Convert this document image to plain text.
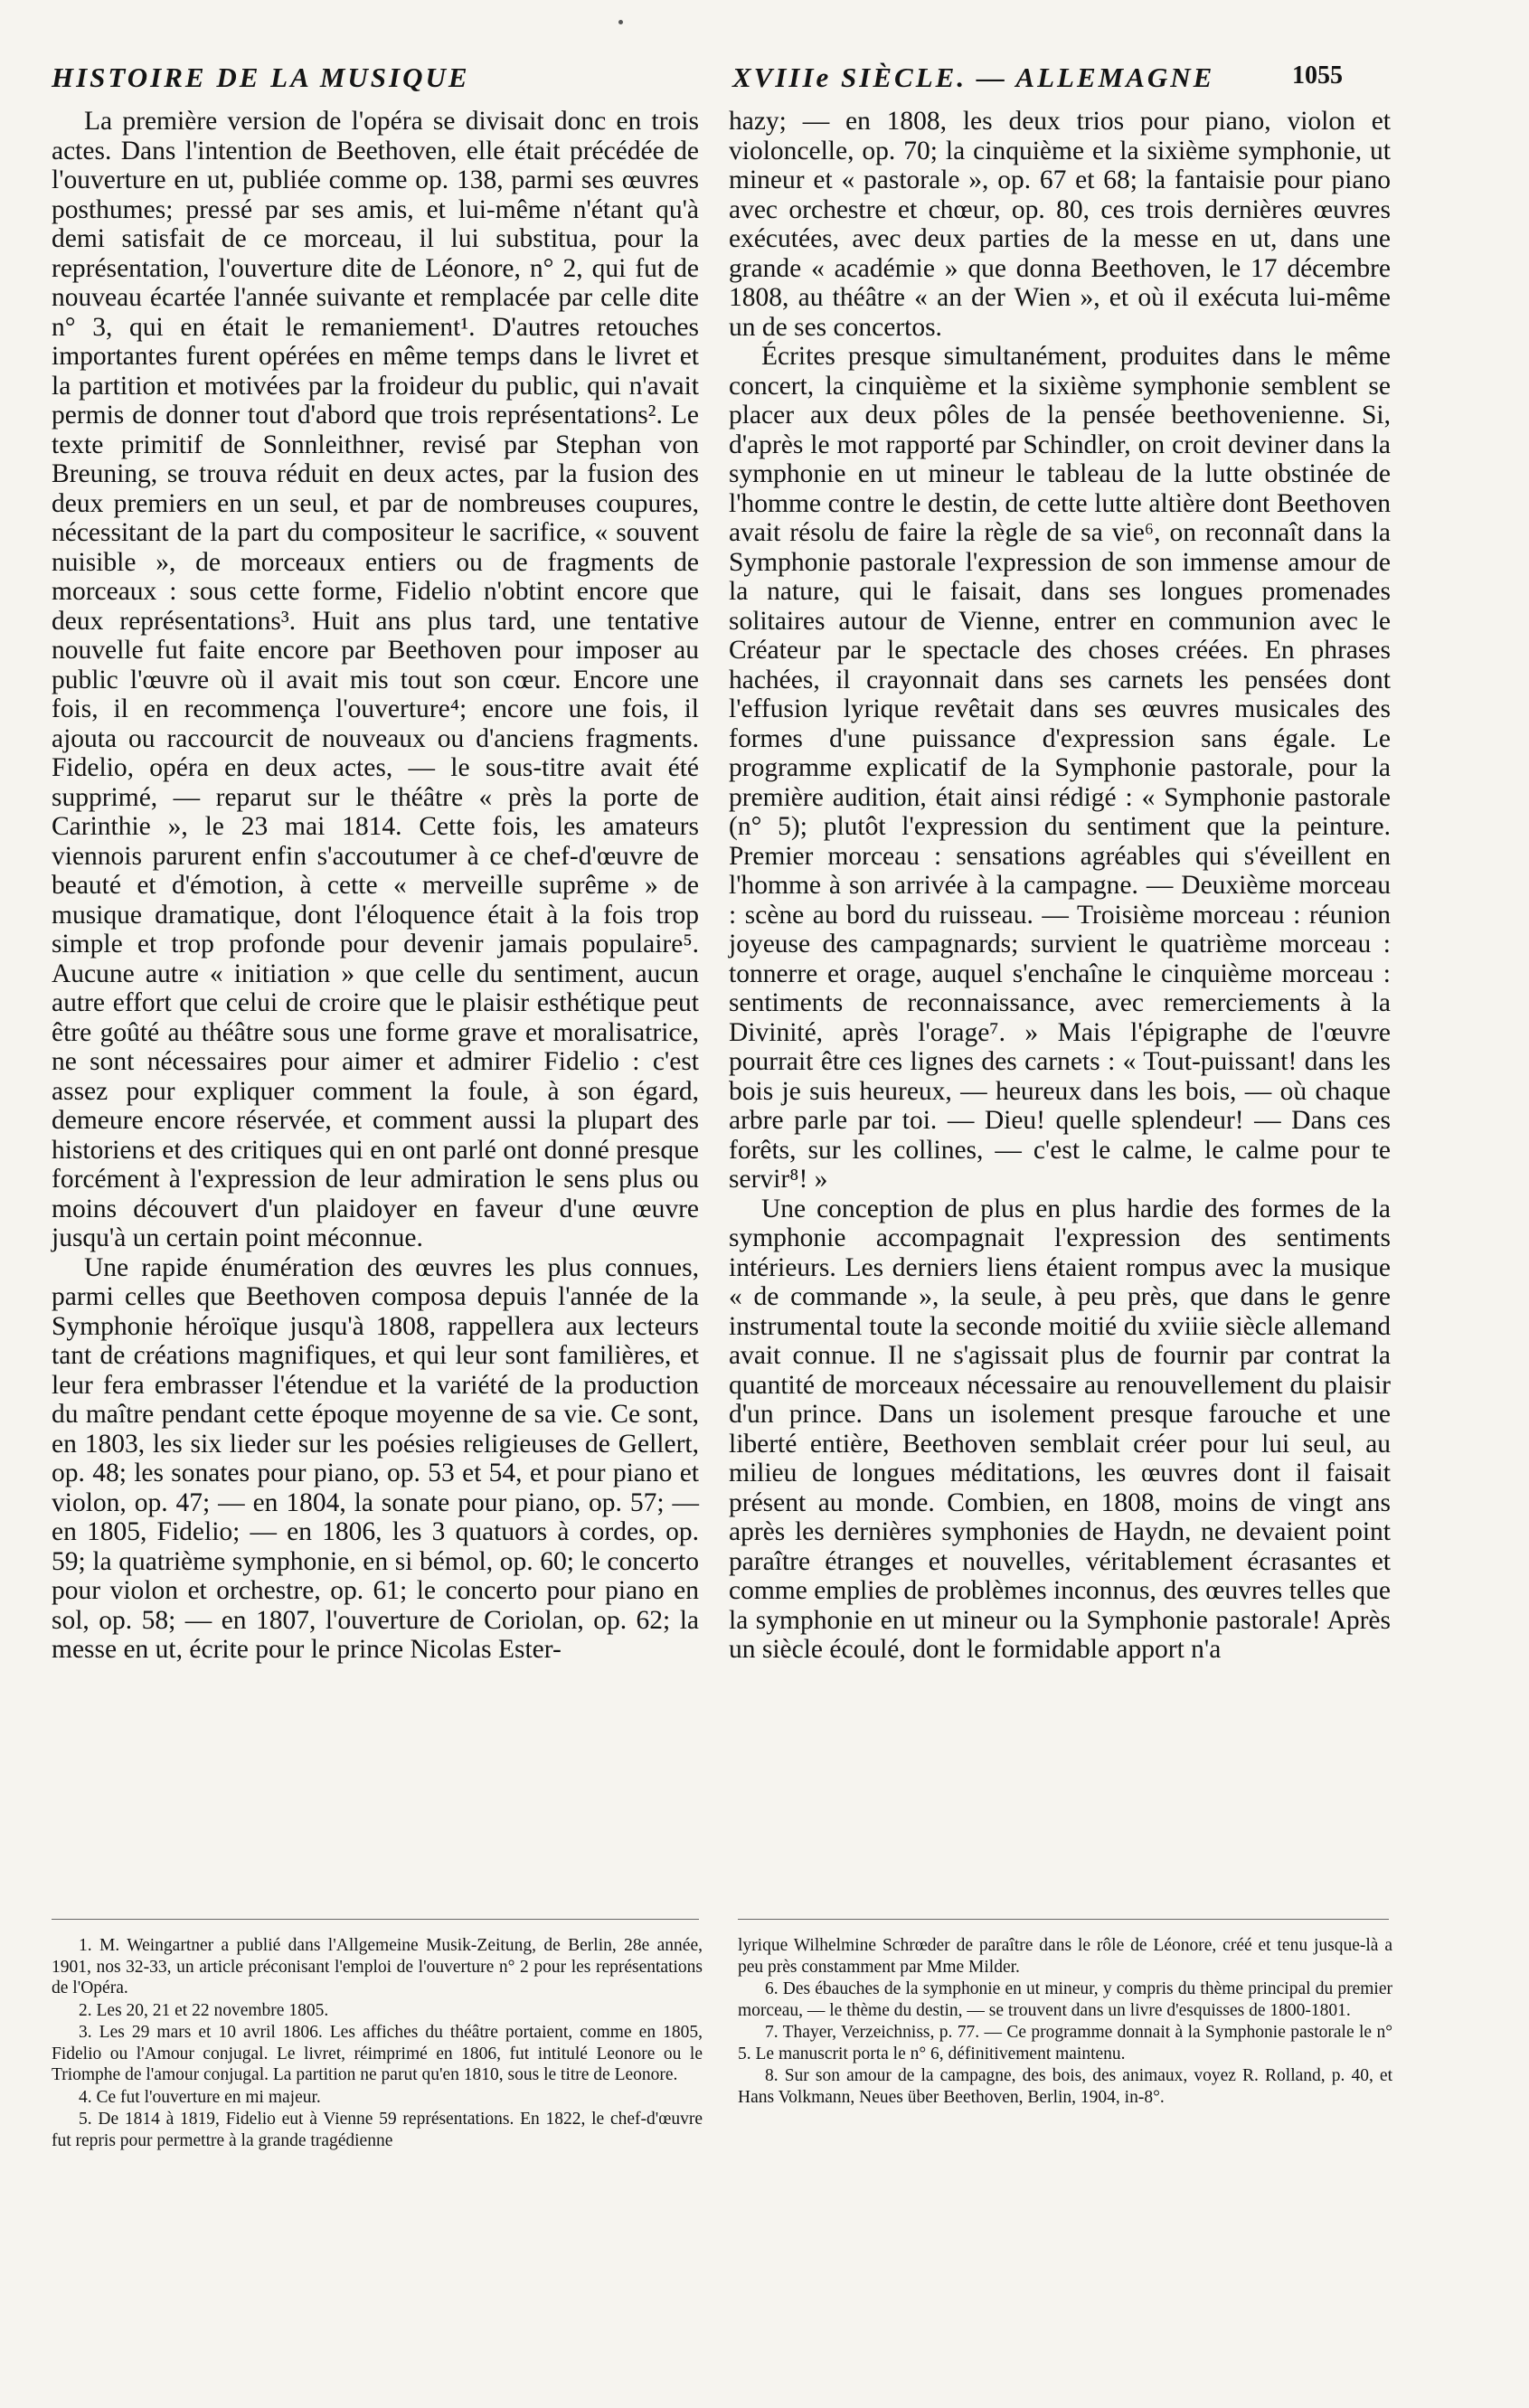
HISTOIRE DE LA MUSIQUE	XVIIIe SIÈCLE. — ALLEMAGNE	1055

La première version de l'opéra se divisait donc en trois actes. Dans l'intention de Beethoven, elle était précédée de l'ouverture en ut, publiée comme op. 138, parmi ses œuvres posthumes; pressé par ses amis, et lui-même n'étant qu'à demi satisfait de ce morceau, il lui substitua, pour la représentation, l'ouverture dite de Léonore, n° 2, qui fut de nouveau écartée l'année suivante et remplacée par celle dite n° 3, qui en était le remaniement¹. D'autres retouches importantes furent opérées en même temps dans le livret et la partition et motivées par la froideur du public, qui n'avait permis de donner tout d'abord que trois représentations². Le texte primitif de Sonnleithner, revisé par Stephan von Breuning, se trouva réduit en deux actes, par la fusion des deux premiers en un seul, et par de nombreuses coupures, nécessitant de la part du compositeur le sacrifice, « souvent nuisible », de morceaux entiers ou de fragments de morceaux : sous cette forme, Fidelio n'obtint encore que deux représentations³. Huit ans plus tard, une tentative nouvelle fut faite encore par Beethoven pour imposer au public l'œuvre où il avait mis tout son cœur. Encore une fois, il en recommença l'ouverture⁴; encore une fois, il ajouta ou raccourcit de nouveaux ou d'anciens fragments. Fidelio, opéra en deux actes, — le sous-titre avait été supprimé, — reparut sur le théâtre « près la porte de Carinthie », le 23 mai 1814. Cette fois, les amateurs viennois parurent enfin s'accoutumer à ce chef-d'œuvre de beauté et d'émotion, à cette « merveille suprême » de musique dramatique, dont l'éloquence était à la fois trop simple et trop profonde pour devenir jamais populaire⁵. Aucune autre « initiation » que celle du sentiment, aucun autre effort que celui de croire que le plaisir esthétique peut être goûté au théâtre sous une forme grave et moralisatrice, ne sont nécessaires pour aimer et admirer Fidelio : c'est assez pour expliquer comment la foule, à son égard, demeure encore réservée, et comment aussi la plupart des historiens et des critiques qui en ont parlé ont donné presque forcément à l'expression de leur admiration le sens plus ou moins découvert d'un plaidoyer en faveur d'une œuvre jusqu'à un certain point méconnue.

Une rapide énumération des œuvres les plus connues, parmi celles que Beethoven composa depuis l'année de la Symphonie héroïque jusqu'à 1808, rappellera aux lecteurs tant de créations magnifiques, et qui leur sont familières, et leur fera embrasser l'étendue et la variété de la production du maître pendant cette époque moyenne de sa vie. Ce sont, en 1803, les six lieder sur les poésies religieuses de Gellert, op. 48; les sonates pour piano, op. 53 et 54, et pour piano et violon, op. 47; — en 1804, la sonate pour piano, op. 57; — en 1805, Fidelio; — en 1806, les 3 quatuors à cordes, op. 59; la quatrième symphonie, en si bémol, op. 60; le concerto pour violon et orchestre, op. 61; le concerto pour piano en sol, op. 58; — en 1807, l'ouverture de Coriolan, op. 62; la messe en ut, écrite pour le prince Nicolas Ester-

hazy; — en 1808, les deux trios pour piano, violon et violoncelle, op. 70; la cinquième et la sixième symphonie, ut mineur et « pastorale », op. 67 et 68; la fantaisie pour piano avec orchestre et chœur, op. 80, ces trois dernières œuvres exécutées, avec deux parties de la messe en ut, dans une grande « académie » que donna Beethoven, le 17 décembre 1808, au théâtre « an der Wien », et où il exécuta lui-même un de ses concertos.

Écrites presque simultanément, produites dans le même concert, la cinquième et la sixième symphonie semblent se placer aux deux pôles de la pensée beethovenienne. Si, d'après le mot rapporté par Schindler, on croit deviner dans la symphonie en ut mineur le tableau de la lutte obstinée de l'homme contre le destin, de cette lutte altière dont Beethoven avait résolu de faire la règle de sa vie⁶, on reconnaît dans la Symphonie pastorale l'expression de son immense amour de la nature, qui le faisait, dans ses longues promenades solitaires autour de Vienne, entrer en communion avec le Créateur par le spectacle des choses créées. En phrases hachées, il crayonnait dans ses carnets les pensées dont l'effusion lyrique revêtait dans ses œuvres musicales des formes d'une puissance d'expression sans égale. Le programme explicatif de la Symphonie pastorale, pour la première audition, était ainsi rédigé : « Symphonie pastorale (n° 5); plutôt l'expression du sentiment que la peinture. Premier morceau : sensations agréables qui s'éveillent en l'homme à son arrivée à la campagne. — Deuxième morceau : scène au bord du ruisseau. — Troisième morceau : réunion joyeuse des campagnards; survient le quatrième morceau : tonnerre et orage, auquel s'enchaîne le cinquième morceau : sentiments de reconnaissance, avec remerciements à la Divinité, après l'orage⁷. » Mais l'épigraphe de l'œuvre pourrait être ces lignes des carnets : « Tout-puissant! dans les bois je suis heureux, — heureux dans les bois, — où chaque arbre parle par toi. — Dieu! quelle splendeur! — Dans ces forêts, sur les collines, — c'est le calme, le calme pour te servir⁸! »

Une conception de plus en plus hardie des formes de la symphonie accompagnait l'expression des sentiments intérieurs. Les derniers liens étaient rompus avec la musique « de commande », la seule, à peu près, que dans le genre instrumental toute la seconde moitié du xviiie siècle allemand avait connue. Il ne s'agissait plus de fournir par contrat la quantité de morceaux nécessaire au renouvellement du plaisir d'un prince. Dans un isolement presque farouche et une liberté entière, Beethoven semblait créer pour lui seul, au milieu de longues méditations, les œuvres dont il faisait présent au monde. Combien, en 1808, moins de vingt ans après les dernières symphonies de Haydn, ne devaient point paraître étranges et nouvelles, véritablement écrasantes et comme emplies de problèmes inconnus, des œuvres telles que la symphonie en ut mineur ou la Symphonie pastorale! Après un siècle écoulé, dont le formidable apport n'a

1. M. Weingartner a publié dans l'Allgemeine Musik-Zeitung, de Berlin, 28e année, 1901, nos 32-33, un article préconisant l'emploi de l'ouverture n° 2 pour les représentations de l'Opéra.

2. Les 20, 21 et 22 novembre 1805.

3. Les 29 mars et 10 avril 1806. Les affiches du théâtre portaient, comme en 1805, Fidelio ou l'Amour conjugal. Le livret, réimprimé en 1806, fut intitulé Leonore ou le Triomphe de l'amour conjugal. La partition ne parut qu'en 1810, sous le titre de Leonore.

4. Ce fut l'ouverture en mi majeur.

5. De 1814 à 1819, Fidelio eut à Vienne 59 représentations. En 1822, le chef-d'œuvre fut repris pour permettre à la grande tragédienne

lyrique Wilhelmine Schrœder de paraître dans le rôle de Léonore, créé et tenu jusque-là a peu près constamment par Mme Milder.

6. Des ébauches de la symphonie en ut mineur, y compris du thème principal du premier morceau, — le thème du destin, — se trouvent dans un livre d'esquisses de 1800-1801.

7. Thayer, Verzeichniss, p. 77. — Ce programme donnait à la Symphonie pastorale le n° 5. Le manuscrit porta le n° 6, définitivement maintenu.

8. Sur son amour de la campagne, des bois, des animaux, voyez R. Rolland, p. 40, et Hans Volkmann, Neues über Beethoven, Berlin, 1904, in-8°.
